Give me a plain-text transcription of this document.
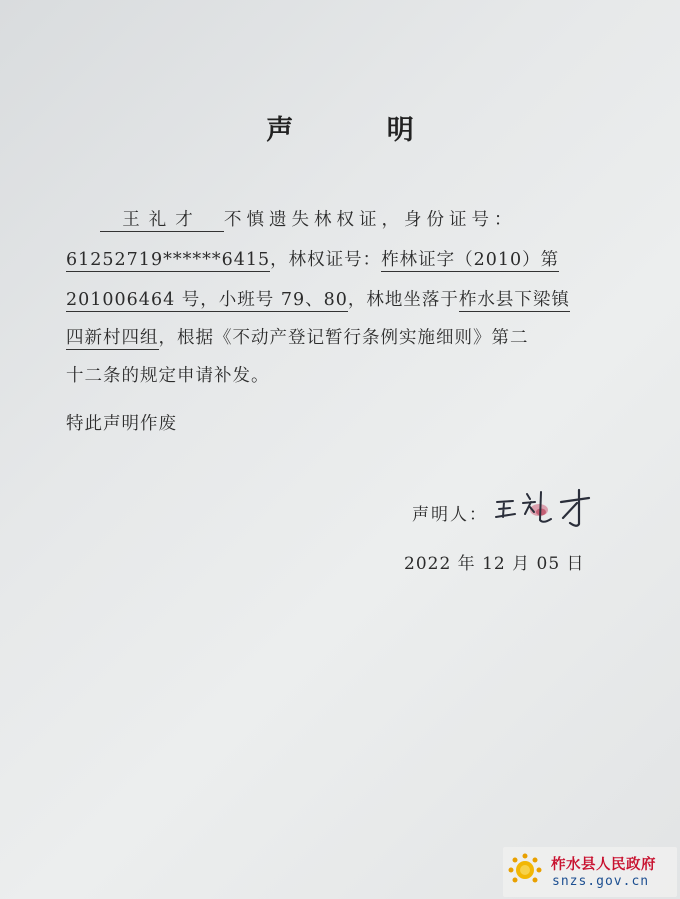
声 明
王礼才 不慎遗失林权证，身份证号：
61252719******6415，林权证号：柞林证字（2010）第
201006464 号，小班号 79、80，林地坐落于柞水县下梁镇
四新村四组，根据《不动产登记暂行条例实施细则》第二
十二条的规定申请补发。
特此声明作废
声明人：
2022 年 12 月 05 日
柞水县人民政府
snzs.gov.cn
